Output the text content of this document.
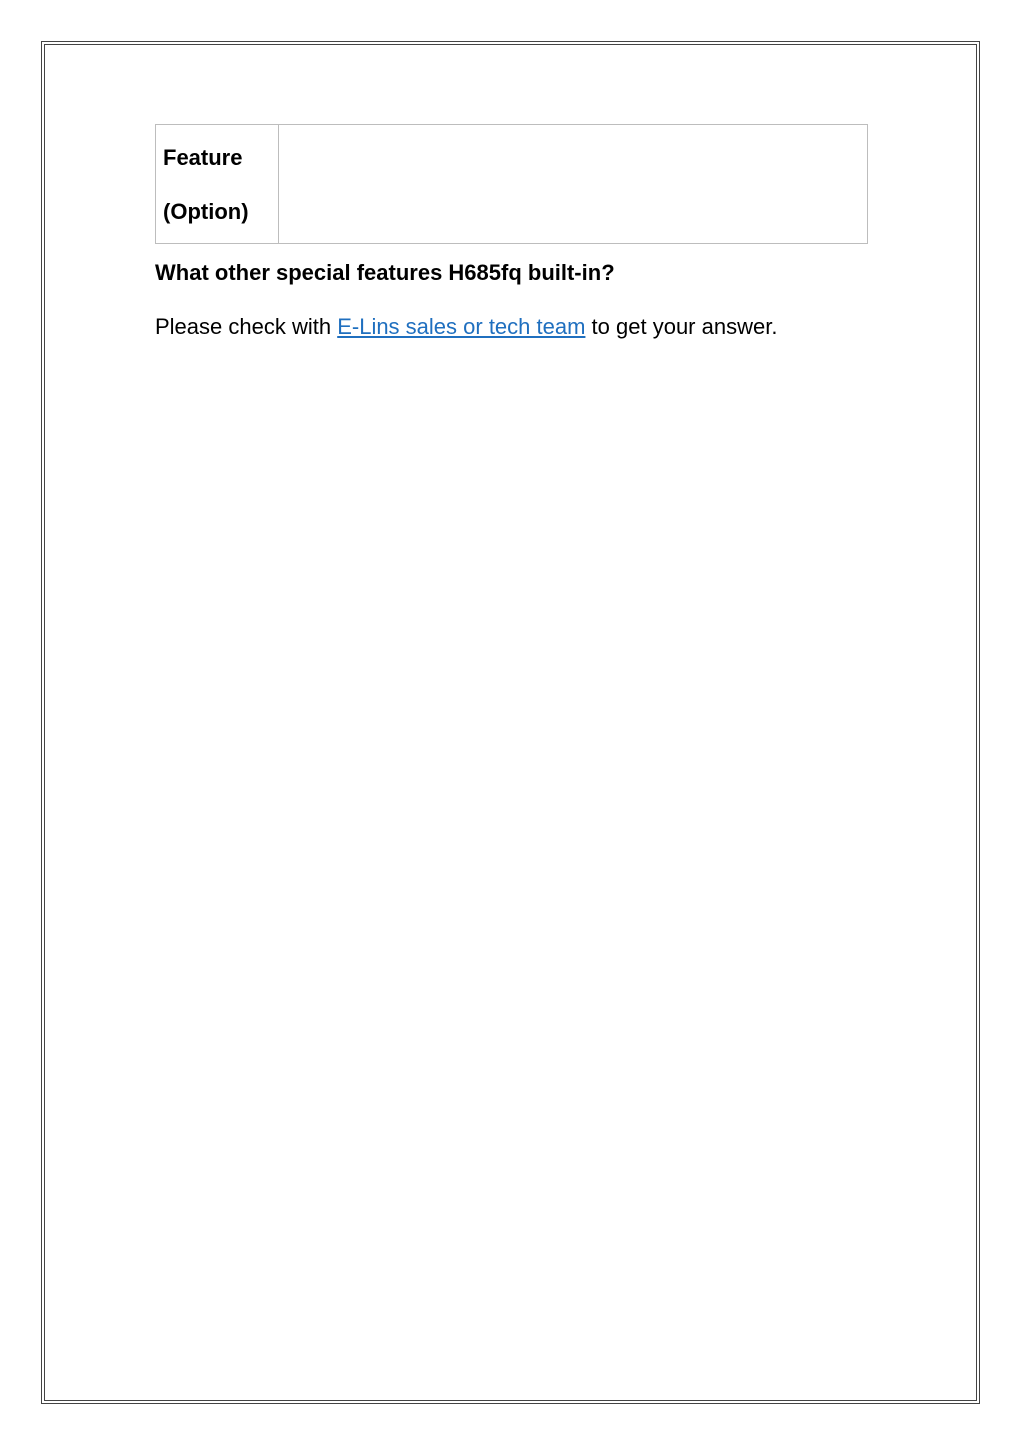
Feature
(Option)

What other special features H685fq built-in?

Please check with E-Lins sales or tech team to get your answer.
